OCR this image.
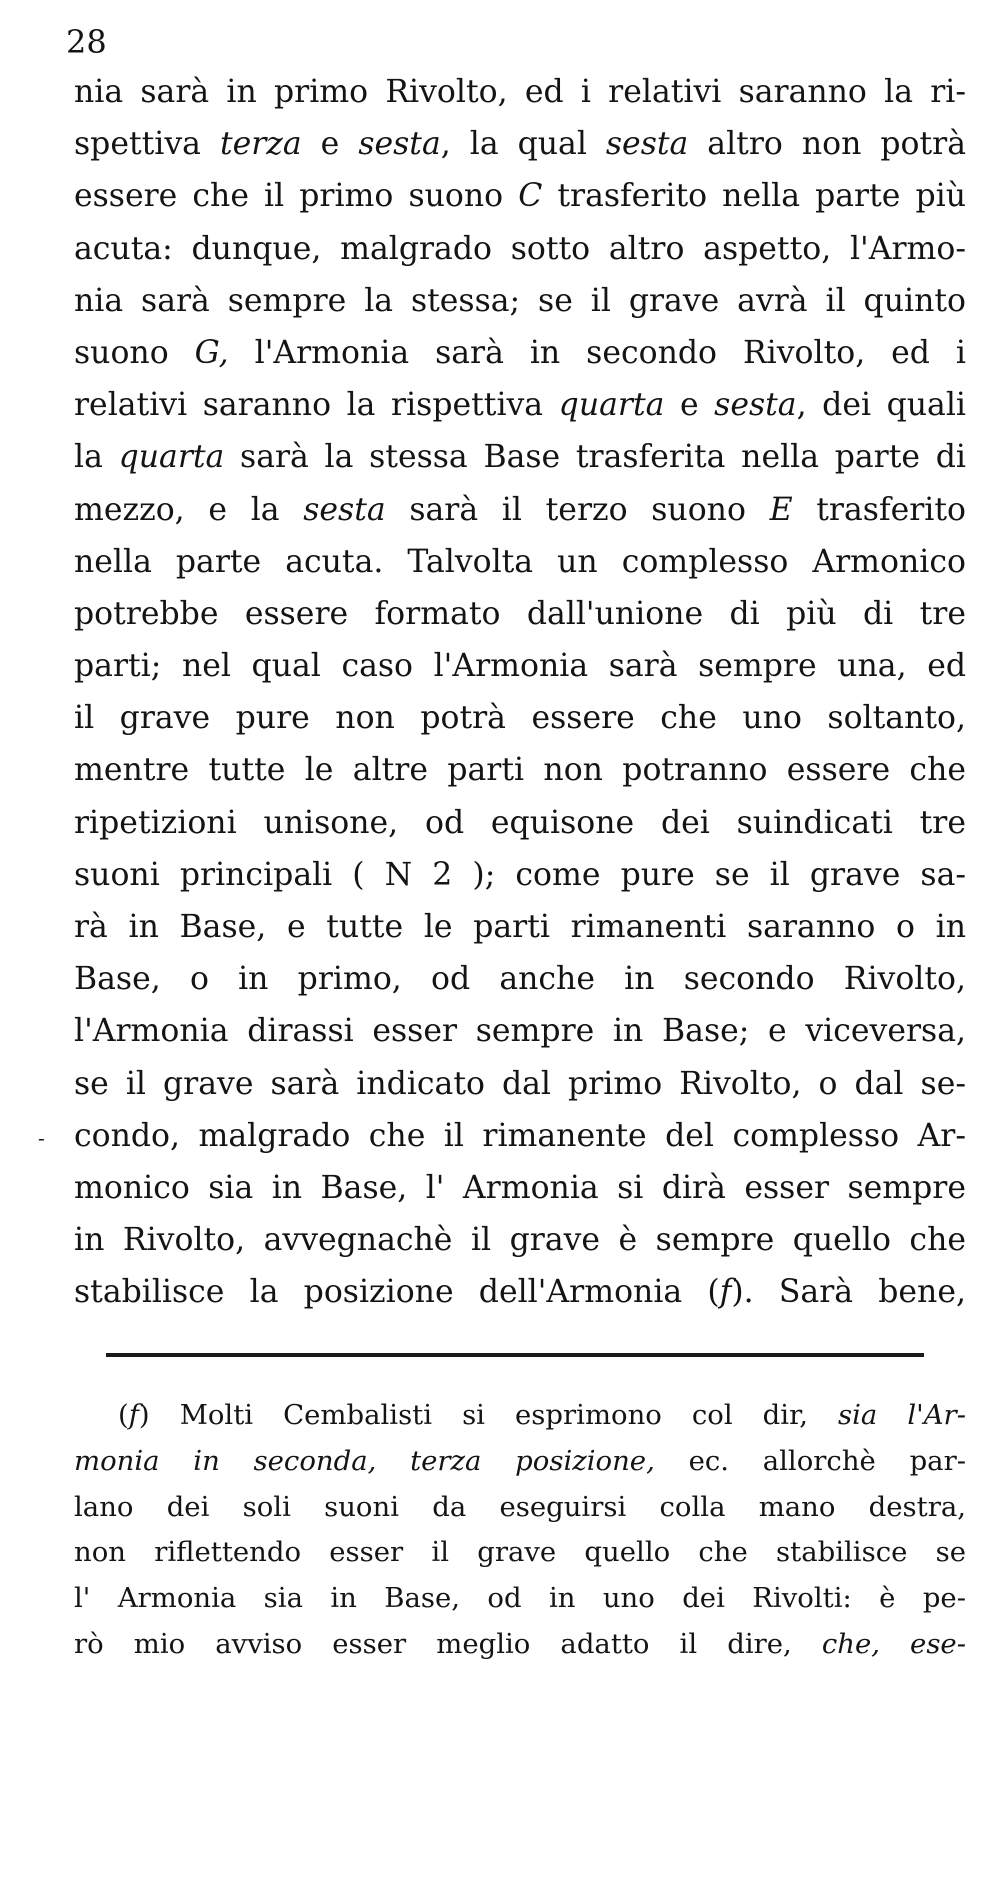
28
-
nia sarà in primo Rivolto, ed i relativi saranno la ri-
spettiva terza e sesta, la qual sesta altro non potrà
essere che il primo suono C trasferito nella parte più
acuta: dunque, malgrado sotto altro aspetto, l'Armo-
nia sarà sempre la stessa; se il grave avrà il quinto
suono G, l'Armonia sarà in secondo Rivolto, ed i
relativi saranno la rispettiva quarta e sesta, dei quali
la quarta sarà la stessa Base trasferita nella parte di
mezzo, e la sesta sarà il terzo suono E trasferito
nella parte acuta. Talvolta un complesso Armonico
potrebbe essere formato dall'unione di più di tre
parti; nel qual caso l'Armonia sarà sempre una, ed
il grave pure non potrà essere che uno soltanto,
mentre tutte le altre parti non potranno essere che
ripetizioni unisone, od equisone dei suindicati tre
suoni principali ( N 2 ); come pure se il grave sa-
rà in Base, e tutte le parti rimanenti saranno o in
Base, o in primo, od anche in secondo Rivolto,
l'Armonia dirassi esser sempre in Base; e viceversa,
se il grave sarà indicato dal primo Rivolto, o dal se-
condo, malgrado che il rimanente del complesso Ar-
monico sia in Base, l' Armonia si dirà esser sempre
in Rivolto, avvegnachè il grave è sempre quello che
stabilisce la posizione dell'Armonia (f). Sarà bene,
(f) Molti Cembalisti si esprimono col dir, sia l'Ar-
monia in seconda, terza posizione, ec. allorchè par-
lano dei soli suoni da eseguirsi colla mano destra,
non riflettendo esser il grave quello che stabilisce se
l' Armonia sia in Base, od in uno dei Rivolti: è pe-
rò mio avviso esser meglio adatto il dire, che, ese-
